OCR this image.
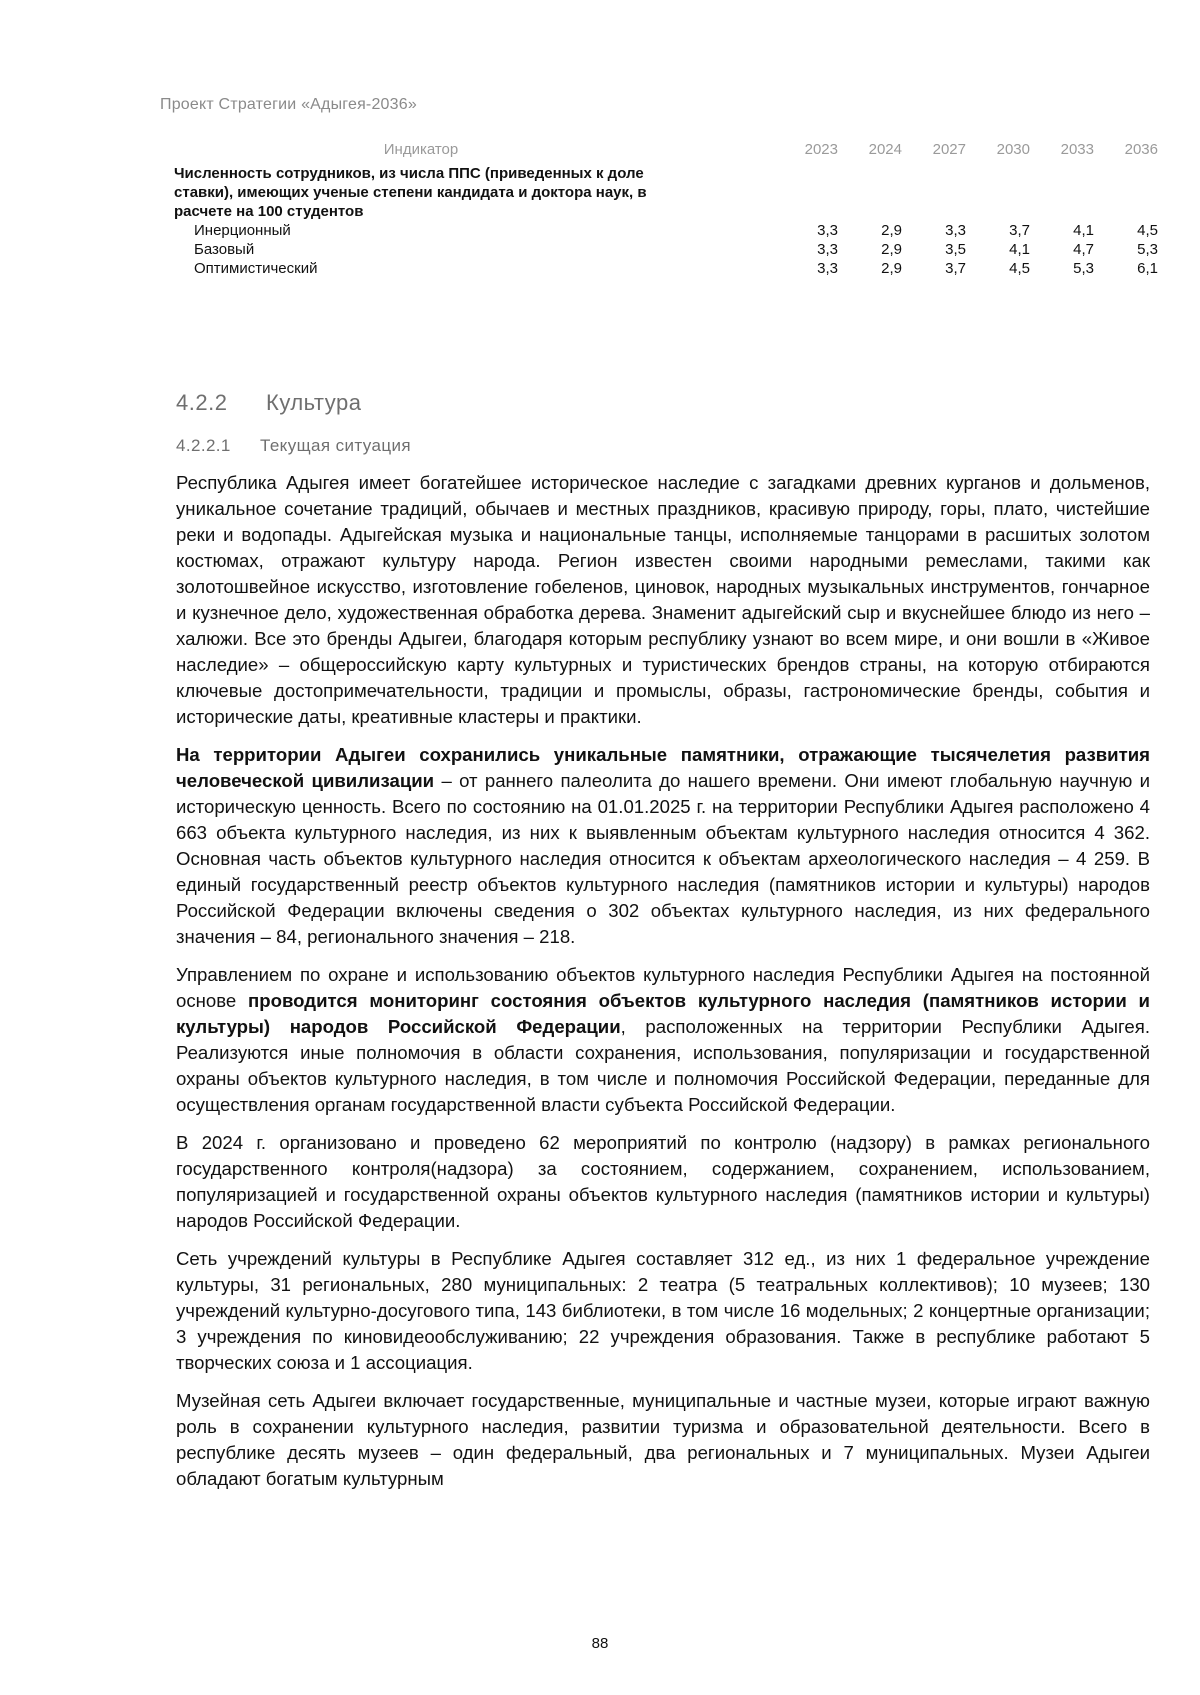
Проект Стратегии «Адыгея-2036»
Индикатор	2023	2024	2027	2030	2033	2036
Численность сотрудников, из числа ППС (приведенных к доле ставки), имеющих ученые степени кандидата и доктора наук, в расчете на 100 студентов						
Инерционный	3,3	2,9	3,3	3,7	4,1	4,5
Базовый	3,3	2,9	3,5	4,1	4,7	5,3
Оптимистический	3,3	2,9	3,7	4,5	5,3	6,1
4.2.2 Культура
4.2.2.1 Текущая ситуация

Республика Адыгея имеет богатейшее историческое наследие с загадками древних курганов и дольменов, уникальное сочетание традиций, обычаев и местных праздников, красивую природу, горы, плато, чистейшие реки и водопады. Адыгейская музыка и национальные танцы, исполняемые танцорами в расшитых золотом костюмах, отражают культуру народа. Регион известен своими народными ремеслами, такими как золотошвейное искусство, изготовление гобеленов, циновок, народных музыкальных инструментов, гончарное и кузнечное дело, художественная обработка дерева. Знаменит адыгейский сыр и вкуснейшее блюдо из него – халюжи. Все это бренды Адыгеи, благодаря которым республику узнают во всем мире, и они вошли в «Живое наследие» – общероссийскую карту культурных и туристических брендов страны, на которую отбираются ключевые достопримечательности, традиции и промыслы, образы, гастрономические бренды, события и исторические даты, креативные кластеры и практики.

На территории Адыгеи сохранились уникальные памятники, отражающие тысячелетия развития человеческой цивилизации – от раннего палеолита до нашего времени. Они имеют глобальную научную и историческую ценность. Всего по состоянию на 01.01.2025 г. на территории Республики Адыгея расположено 4 663 объекта культурного наследия, из них к выявленным объектам культурного наследия относится 4 362. Основная часть объектов культурного наследия относится к объектам археологического наследия – 4 259. В единый государственный реестр объектов культурного наследия (памятников истории и культуры) народов Российской Федерации включены сведения о 302 объектах культурного наследия, из них федерального значения – 84, регионального значения – 218.

Управлением по охране и использованию объектов культурного наследия Республики Адыгея на постоянной основе проводится мониторинг состояния объектов культурного наследия (памятников истории и культуры) народов Российской Федерации, расположенных на территории Республики Адыгея. Реализуются иные полномочия в области сохранения, использования, популяризации и государственной охраны объектов культурного наследия, в том числе и полномочия Российской Федерации, переданные для осуществления органам государственной власти субъекта Российской Федерации.

В 2024 г. организовано и проведено 62 мероприятий по контролю (надзору) в рамках регионального государственного контроля(надзора) за состоянием, содержанием, сохранением, использованием, популяризацией и государственной охраны объектов культурного наследия (памятников истории и культуры) народов Российской Федерации.

Сеть учреждений культуры в Республике Адыгея составляет 312 ед., из них 1 федеральное учреждение культуры, 31 региональных, 280 муниципальных: 2 театра (5 театральных коллективов); 10 музеев; 130 учреждений культурно-досугового типа, 143 библиотеки, в том числе 16 модельных; 2 концертные организации; 3 учреждения по киновидеообслуживанию; 22 учреждения образования. Также в республике работают 5 творческих союза и 1 ассоциация.

Музейная сеть Адыгеи включает государственные, муниципальные и частные музеи, которые играют важную роль в сохранении культурного наследия, развитии туризма и образовательной деятельности. Всего в республике десять музеев – один федеральный, два региональных и 7 муниципальных. Музеи Адыгеи обладают богатым культурным

88
